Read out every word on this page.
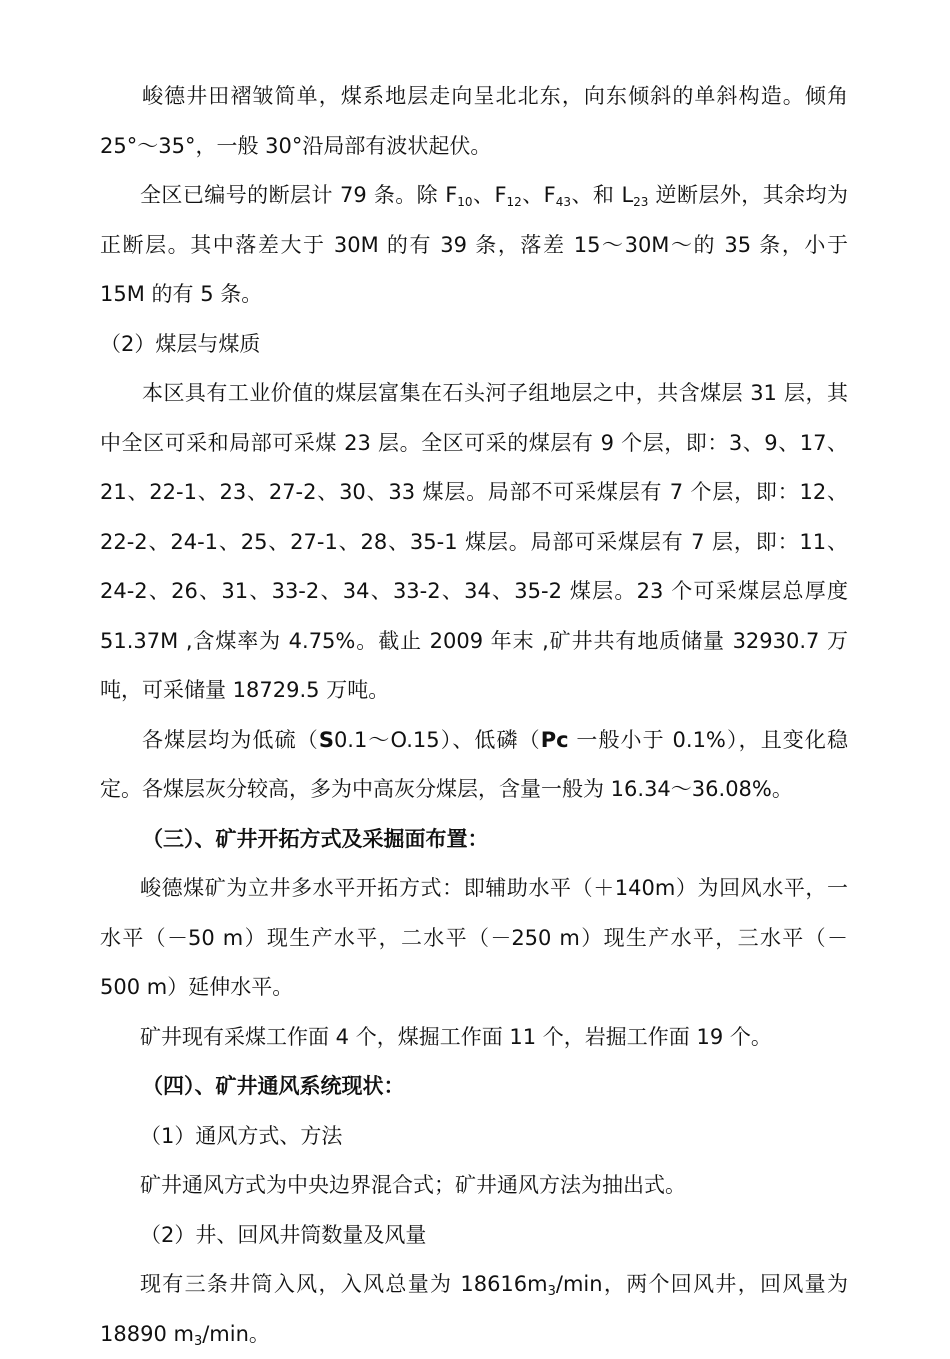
峻德井田褶皱简单，煤系地层走向呈北北东，向东倾斜的单斜构造。倾角25°～35°，一般 30°沿局部有波状起伏。

全区已编号的断层计 79 条。除 $F_{10}$、$F_{12}$、$F_{43}$、和 $L_{23}$ 逆断层外，其余均为正断层。其中落差大于 30M 的有 39 条，落差 15～30M～的 35 条，小于 15M 的有 5 条。

（2）煤层与煤质

本区具有工业价值的煤层富集在石头河子组地层之中，共含煤层 31 层，其中全区可采和局部可采煤 23 层。全区可采的煤层有 9 个层，即：3、9、17、21、22-1、23、27-2、30、33 煤层。局部不可采煤层有 7 个层，即：12、22-2、24-1、25、27-1、28、35-1 煤层。局部可采煤层有 7 层，即：11、24-2、26、31、33-2、34、33-2、34、35-2 煤层。23 个可采煤层总厚度 51.37M ,含煤率为 4.75%。截止 2009 年末 ,矿井共有地质储量 32930.7 万吨，可采储量 18729.5 万吨。

各煤层均为低硫（S0.1～O.15）、低磷（Pc 一般小于 0.1%），且变化稳定。各煤层灰分较高，多为中高灰分煤层，含量一般为 16.34～36.08%。

（三）、矿井开拓方式及采掘面布置：

峻德煤矿为立井多水平开拓方式：即辅助水平（＋140m）为回风水平，一水平（－50 m）现生产水平，二水平（－250 m）现生产水平，三水平（－500 m）延伸水平。

矿井现有采煤工作面 4 个，煤掘工作面 11 个，岩掘工作面 19 个。

（四）、矿井通风系统现状：

（1）通风方式、方法

矿井通风方式为中央边界混合式；矿井通风方法为抽出式。

（2）井、回风井筒数量及风量

现有三条井筒入风，入风总量为 $18616m_3/\min$，两个回风井，回风量为 18890 $m_3/\min$。
